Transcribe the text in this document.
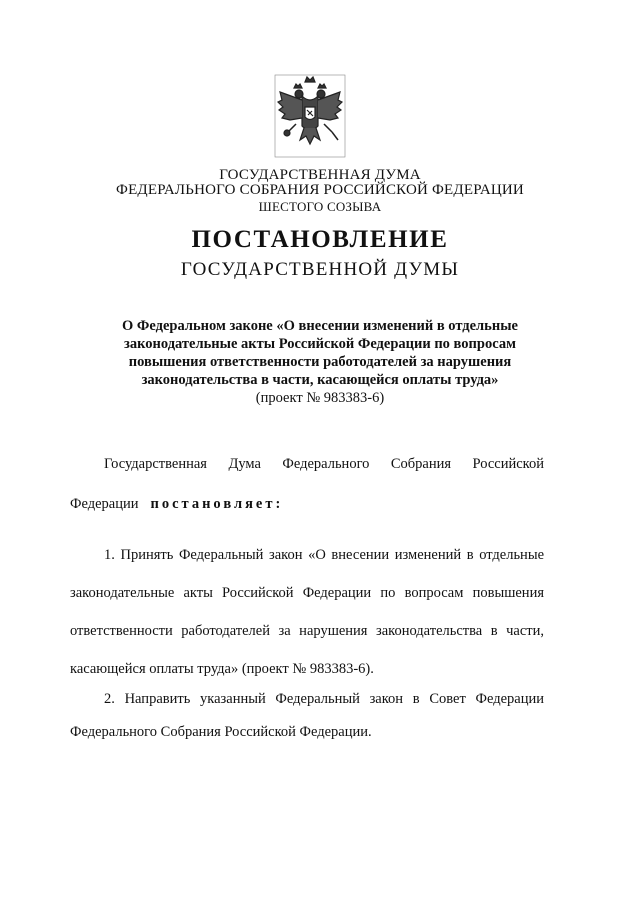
ГОСУДАРСТВЕННАЯ ДУМА
ФЕДЕРАЛЬНОГО СОБРАНИЯ РОССИЙСКОЙ ФЕДЕРАЦИИ
ШЕСТОГО СОЗЫВА
ПОСТАНОВЛЕНИЕ
ГОСУДАРСТВЕННОЙ ДУМЫ
О Федеральном законе «О внесении изменений в отдельные
законодательные акты Российской Федерации по вопросам
повышения ответственности работодателей за нарушения
законодательства в части, касающейся оплаты труда»
(проект № 983383-6)
Государственная Дума Федерального Собрания Российской
Федерации постановляет:
1. Принять Федеральный закон «О внесении изменений в отдельные
законодательные акты Российской Федерации по вопросам повышения
ответственности работодателей за нарушения законодательства в части,
касающейся оплаты труда» (проект № 983383-6).
2. Направить указанный Федеральный закон в Совет Федерации
Федерального Собрания Российской Федерации.
